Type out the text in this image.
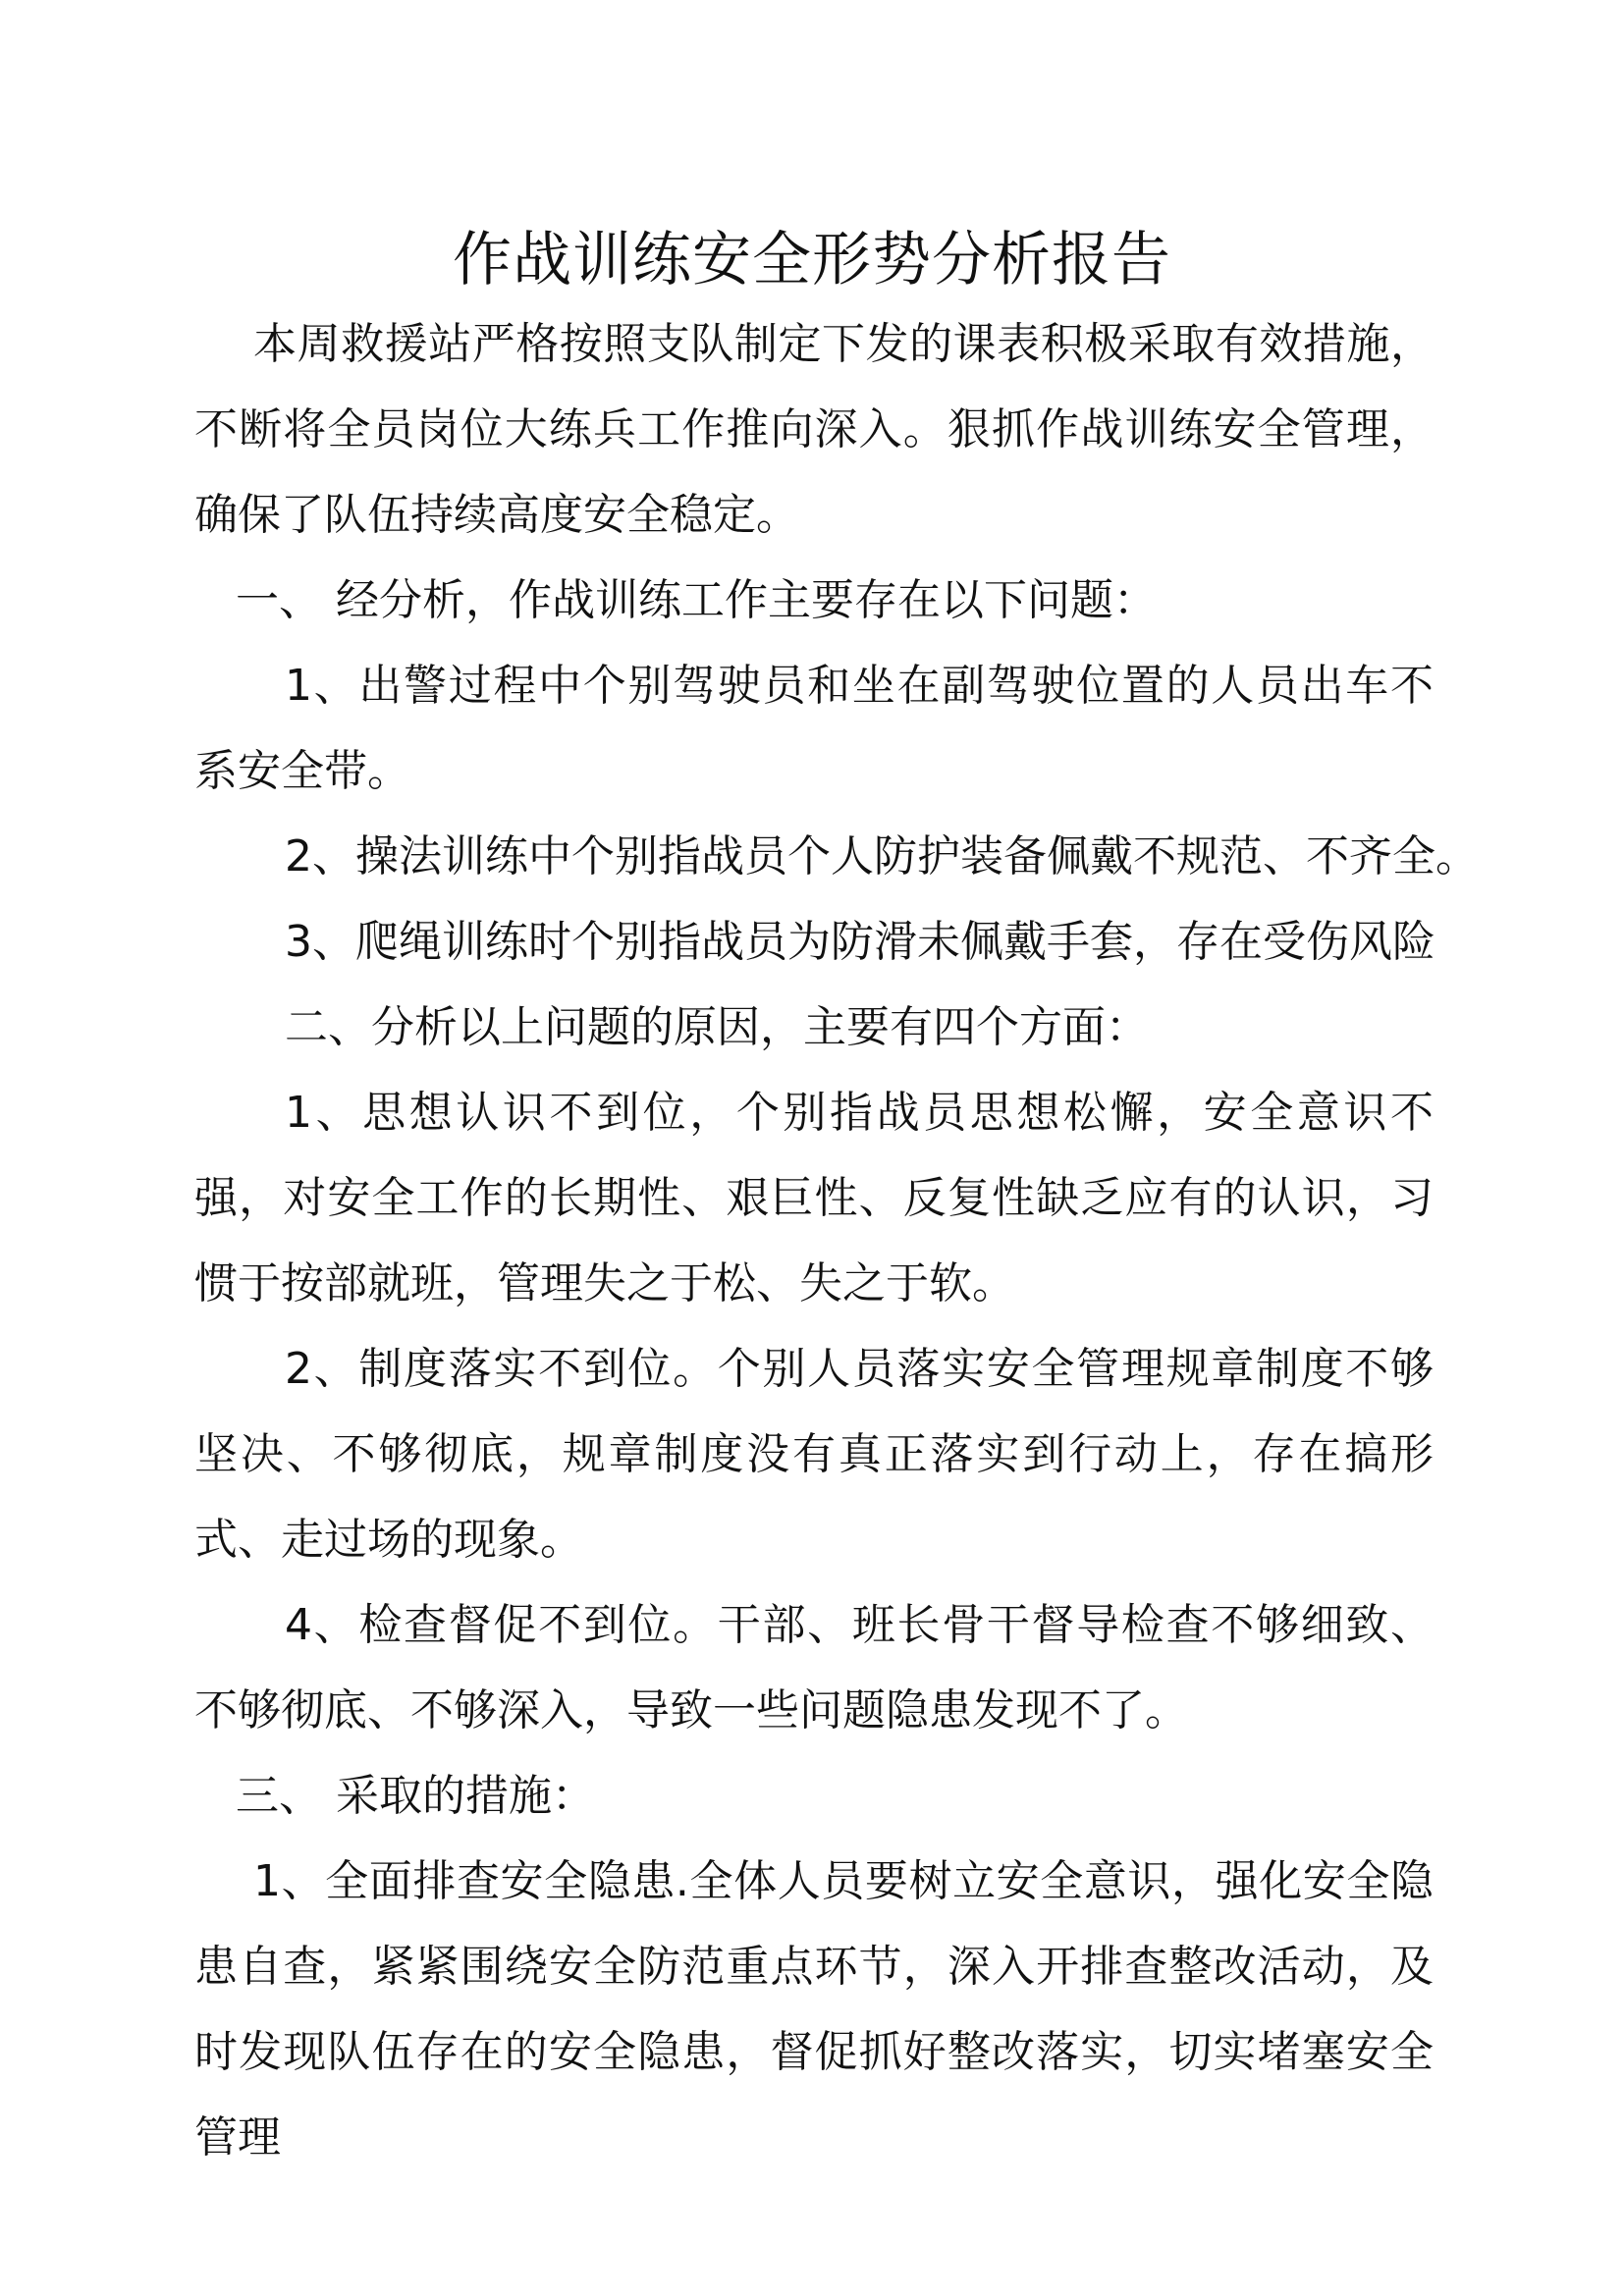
作战训练安全形势分析报告

本周救援站严格按照支队制定下发的课表积极采取有效措施，不断将全员岗位大练兵工作推向深入。狠抓作战训练安全管理，确保了队伍持续高度安全稳定。

一、 经分析，作战训练工作主要存在以下问题：

1、出警过程中个别驾驶员和坐在副驾驶位置的人员出车不系安全带。

2、操法训练中个别指战员个人防护装备佩戴不规范、不齐全。

3、爬绳训练时个别指战员为防滑未佩戴手套，存在受伤风险

二、分析以上问题的原因，主要有四个方面：

1、思想认识不到位，个别指战员思想松懈，安全意识不强，对安全工作的长期性、艰巨性、反复性缺乏应有的认识，习惯于按部就班，管理失之于松、失之于软。

2、制度落实不到位。个别人员落实安全管理规章制度不够坚决、不够彻底，规章制度没有真正落实到行动上，存在搞形式、走过场的现象。

4、检查督促不到位。干部、班长骨干督导检查不够细致、不够彻底、不够深入，导致一些问题隐患发现不了。

三、 采取的措施：

1、全面排查安全隐患.全体人员要树立安全意识，强化安全隐患自查，紧紧围绕安全防范重点环节，深入开排查整改活动，及时发现队伍存在的安全隐患，督促抓好整改落实，切实堵塞安全管理
